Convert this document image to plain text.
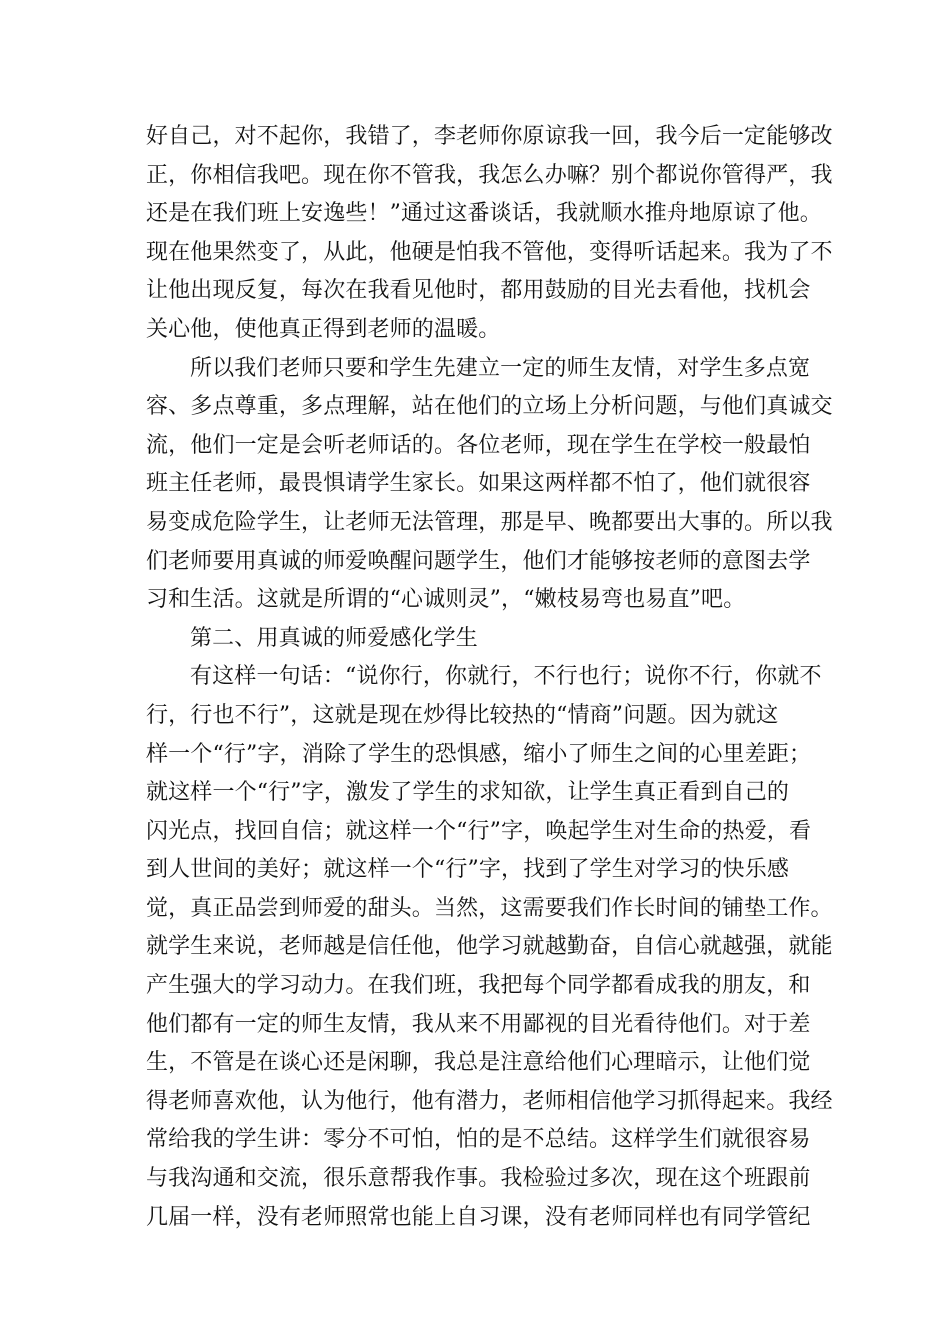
好自己，对不起你，我错了，李老师你原谅我一回，我今后一定能够改
正，你相信我吧。现在你不管我，我怎么办嘛？别个都说你管得严，我
还是在我们班上安逸些！”通过这番谈话，我就顺水推舟地原谅了他。
现在他果然变了，从此，他硬是怕我不管他，变得听话起来。我为了不
让他出现反复，每次在我看见他时，都用鼓励的目光去看他，找机会
关心他，使他真正得到老师的温暖。
所以我们老师只要和学生先建立一定的师生友情，对学生多点宽
容、多点尊重，多点理解，站在他们的立场上分析问题，与他们真诚交
流，他们一定是会听老师话的。各位老师，现在学生在学校一般最怕
班主任老师，最畏惧请学生家长。如果这两样都不怕了，他们就很容
易变成危险学生，让老师无法管理，那是早、晚都要出大事的。所以我
们老师要用真诚的师爱唤醒问题学生，他们才能够按老师的意图去学
习和生活。这就是所谓的“心诚则灵”，“嫩枝易弯也易直”吧。
第二、用真诚的师爱感化学生
有这样一句话：“说你行，你就行，不行也行；说你不行，你就不
行，行也不行”，这就是现在炒得比较热的“情商”问题。因为就这
样一个“行”字，消除了学生的恐惧感，缩小了师生之间的心里差距；
就这样一个“行”字，激发了学生的求知欲，让学生真正看到自己的
闪光点，找回自信；就这样一个“行”字，唤起学生对生命的热爱，看
到人世间的美好；就这样一个“行”字，找到了学生对学习的快乐感
觉，真正品尝到师爱的甜头。当然，这需要我们作长时间的铺垫工作。
就学生来说，老师越是信任他，他学习就越勤奋，自信心就越强，就能
产生强大的学习动力。在我们班，我把每个同学都看成我的朋友，和
他们都有一定的师生友情，我从来不用鄙视的目光看待他们。对于差
生，不管是在谈心还是闲聊，我总是注意给他们心理暗示，让他们觉
得老师喜欢他，认为他行，他有潜力，老师相信他学习抓得起来。我经
常给我的学生讲：零分不可怕，怕的是不总结。这样学生们就很容易
与我沟通和交流，很乐意帮我作事。我检验过多次，现在这个班跟前
几届一样，没有老师照常也能上自习课，没有老师同样也有同学管纪
